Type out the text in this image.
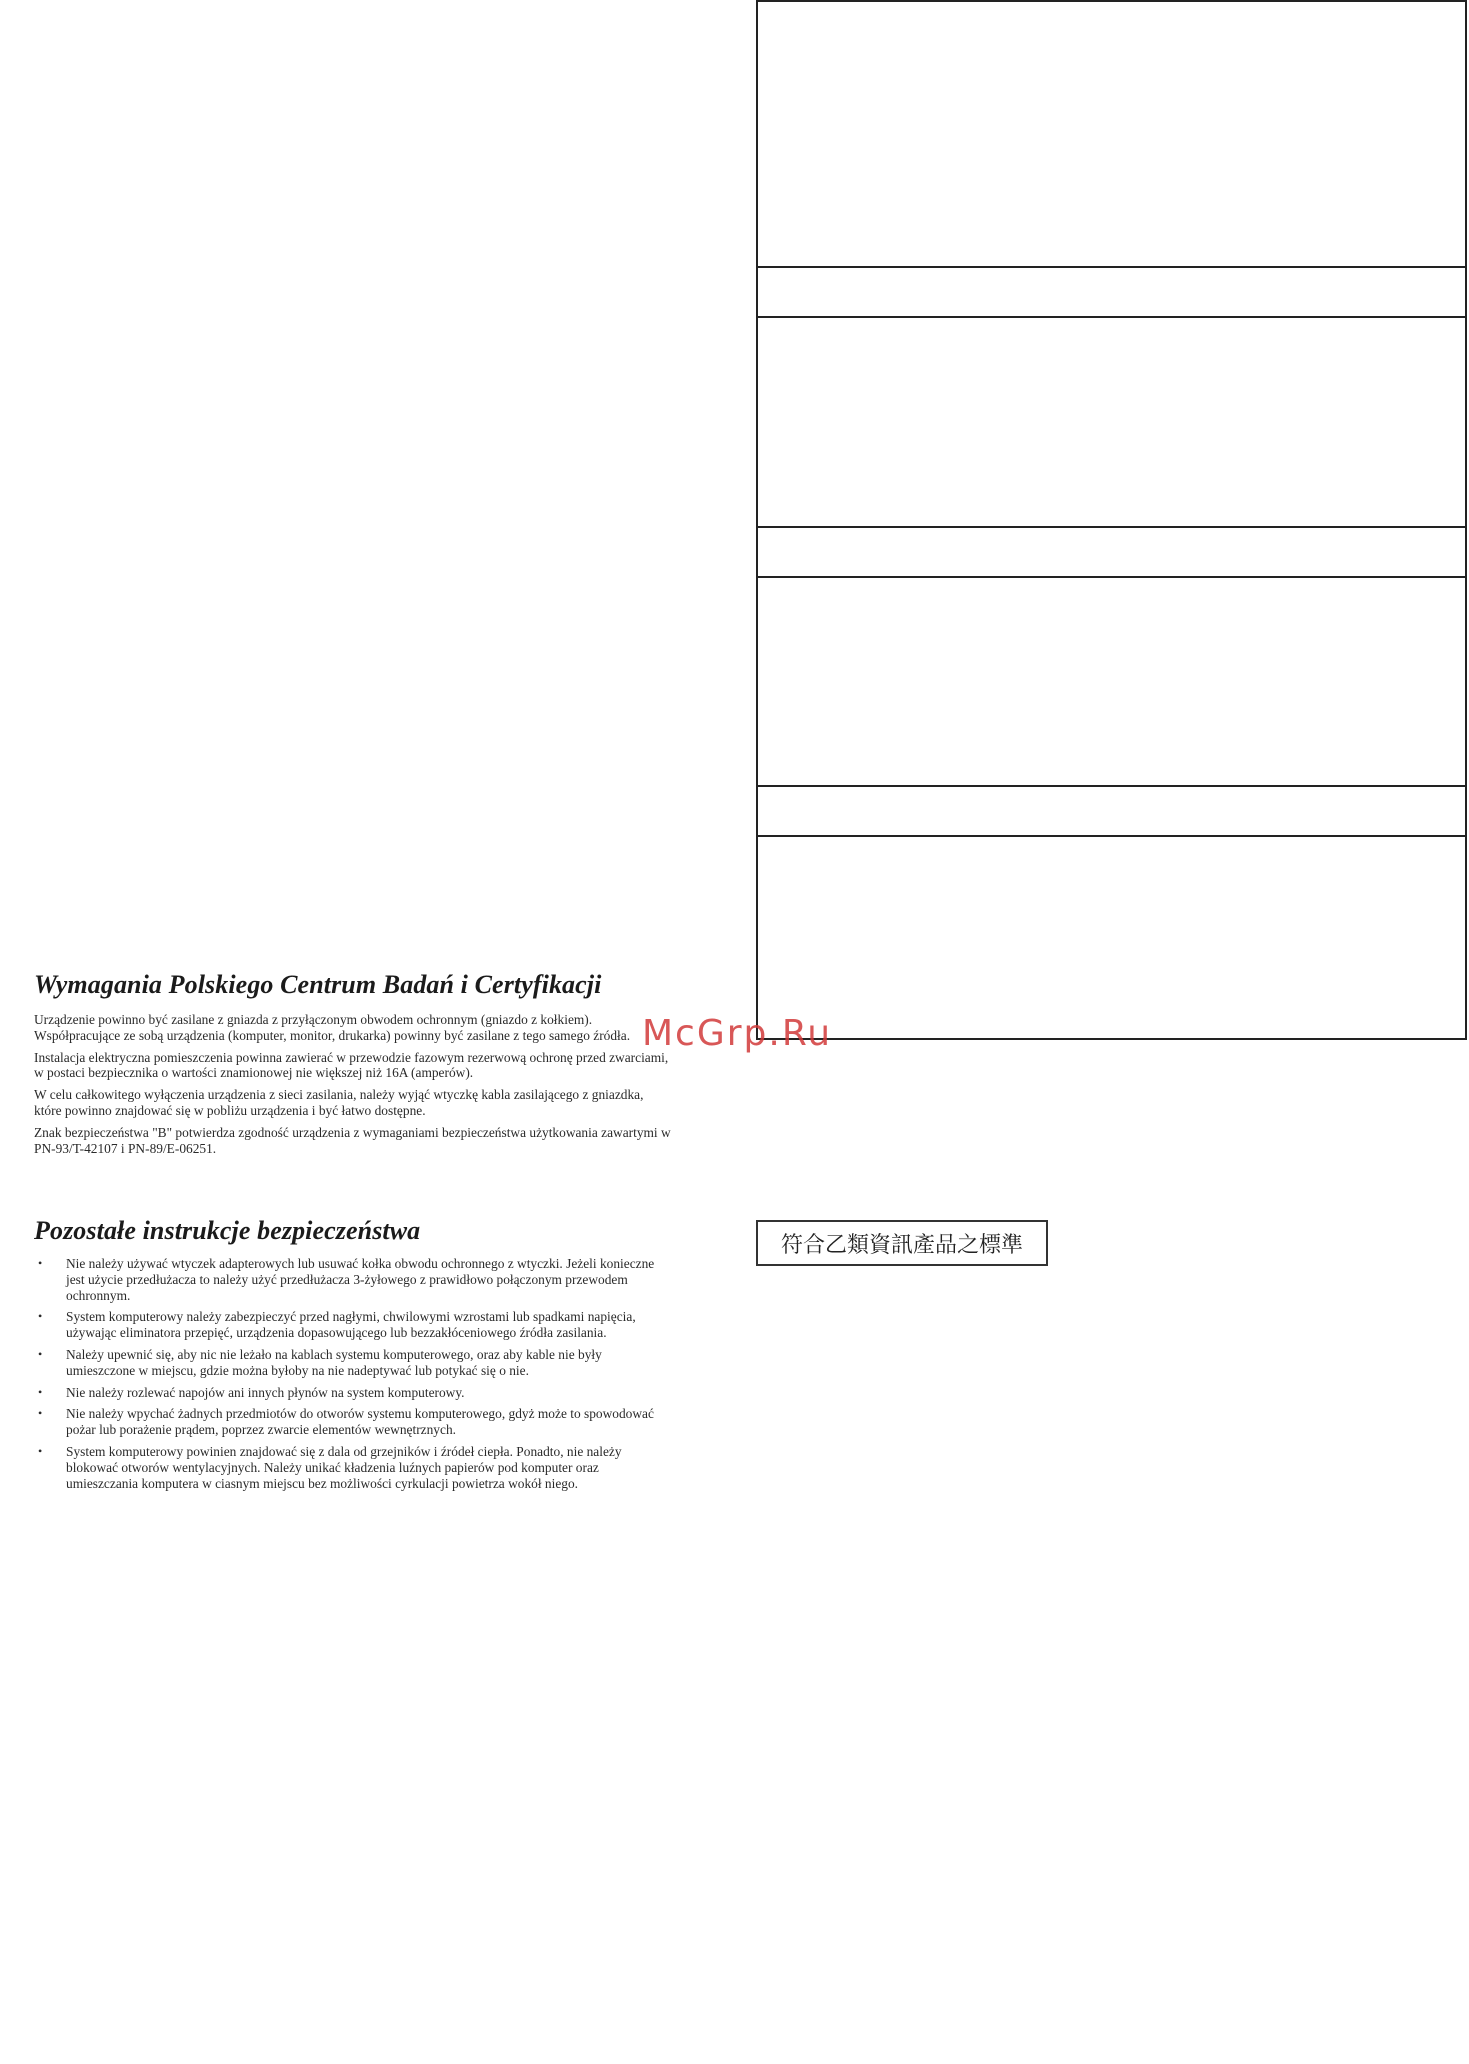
Wymagania Polskiego Centrum Badań i Certyfikacji

Urządzenie powinno być zasilane z gniazda z przyłączonym obwodem ochronnym (gniazdo z kołkiem). Współpracujące ze sobą urządzenia (komputer, monitor, drukarka) powinny być zasilane z tego samego źródła.

Instalacja elektryczna pomieszczenia powinna zawierać w przewodzie fazowym rezerwową ochronę przed zwarciami, w postaci bezpiecznika o wartości znamionowej nie większej niż 16A (amperów).

W celu całkowitego wyłączenia urządzenia z sieci zasilania, należy wyjąć wtyczkę kabla zasilającego z gniazdka, które powinno znajdować się w pobliżu urządzenia i być łatwo dostępne.

Znak bezpieczeństwa "B" potwierdza zgodność urządzenia z wymaganiami bezpieczeństwa użytkowania zawartymi w PN-93/T-42107 i PN-89/E-06251.

Pozostałe instrukcje bezpieczeństwa
• Nie należy używać wtyczek adapterowych lub usuwać kołka obwodu ochronnego z wtyczki. Jeżeli konieczne jest użycie przedłużacza to należy użyć przedłużacza 3-żyłowego z prawidłowo połączonym przewodem ochronnym.
• System komputerowy należy zabezpieczyć przed nagłymi, chwilowymi wzrostami lub spadkami napięcia, używając eliminatora przepięć, urządzenia dopasowującego lub bezzakłóceniowego źródła zasilania.
• Należy upewnić się, aby nic nie leżało na kablach systemu komputerowego, oraz aby kable nie były umieszczone w miejscu, gdzie można byłoby na nie nadeptywać lub potykać się o nie.
• Nie należy rozlewać napojów ani innych płynów na system komputerowy.
• Nie należy wpychać żadnych przedmiotów do otworów systemu komputerowego, gdyż może to spowodować pożar lub porażenie prądem, poprzez zwarcie elementów wewnętrznych.
• System komputerowy powinien znajdować się z dala od grzejników i źródeł ciepła. Ponadto, nie należy blokować otworów wentylacyjnych. Należy unikać kładzenia luźnych papierów pod komputer oraz umieszczania komputera w ciasnym miejscu bez możliwości cyrkulacji powietrza wokół niego.
McGrp.Ru
符合乙類資訊產品之標準
